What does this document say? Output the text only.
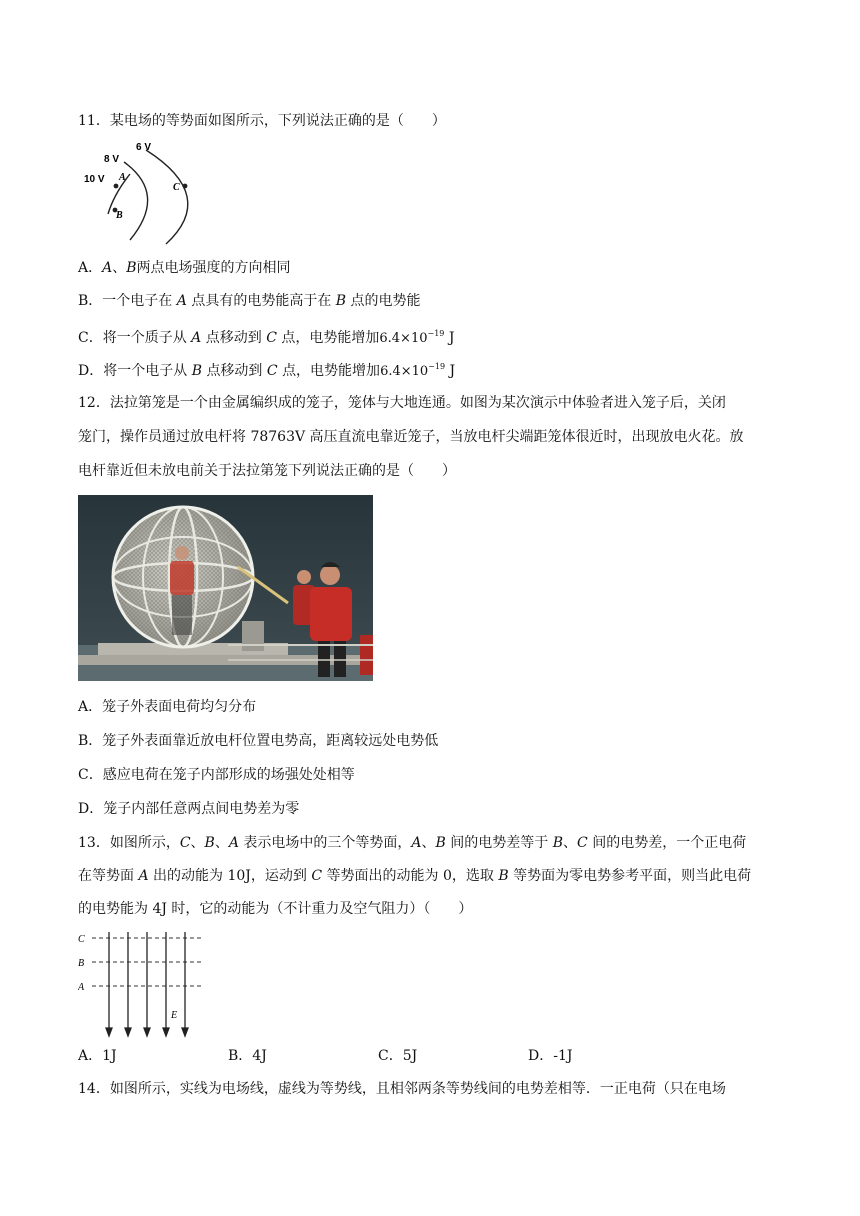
11．某电场的等势面如图所示，下列说法正确的是（　　）
10 V
8 V
6 V
A
B
C
A．A、B两点电场强度的方向相同
B．一个电子在 A 点具有的电势能高于在 B 点的电势能
C．将一个质子从 A 点移动到 C 点，电势能增加$6.4\times 10^{-19}$ J
D．将一个电子从 B 点移动到 C 点，电势能增加$6.4\times 10^{-19}$ J
12．法拉第笼是一个由金属编织成的笼子，笼体与大地连通。如图为某次演示中体验者进入笼子后，关闭
笼门，操作员通过放电杆将 78763V 高压直流电靠近笼子，当放电杆尖端距笼体很近时，出现放电火花。放
电杆靠近但未放电前关于法拉第笼下列说法正确的是（　　）
A．笼子外表面电荷均匀分布
B．笼子外表面靠近放电杆位置电势高，距离较远处电势低
C．感应电荷在笼子内部形成的场强处处相等
D．笼子内部任意两点间电势差为零
13．如图所示，C、B、A 表示电场中的三个等势面，A、B 间的电势差等于 B、C 间的电势差，一个正电荷
在等势面 A 出的动能为 10J，运动到 C 等势面出的动能为 0，选取 B 等势面为零电势参考平面，则当此电荷
的电势能为 4J 时，它的动能为（不计重力及空气阻力）（　　）
C
B
A
E
A．1J	B．4J	C．5J	D．-1J
14．如图所示，实线为电场线，虚线为等势线，且相邻两条等势线间的电势差相等．一正电荷（只在电场
